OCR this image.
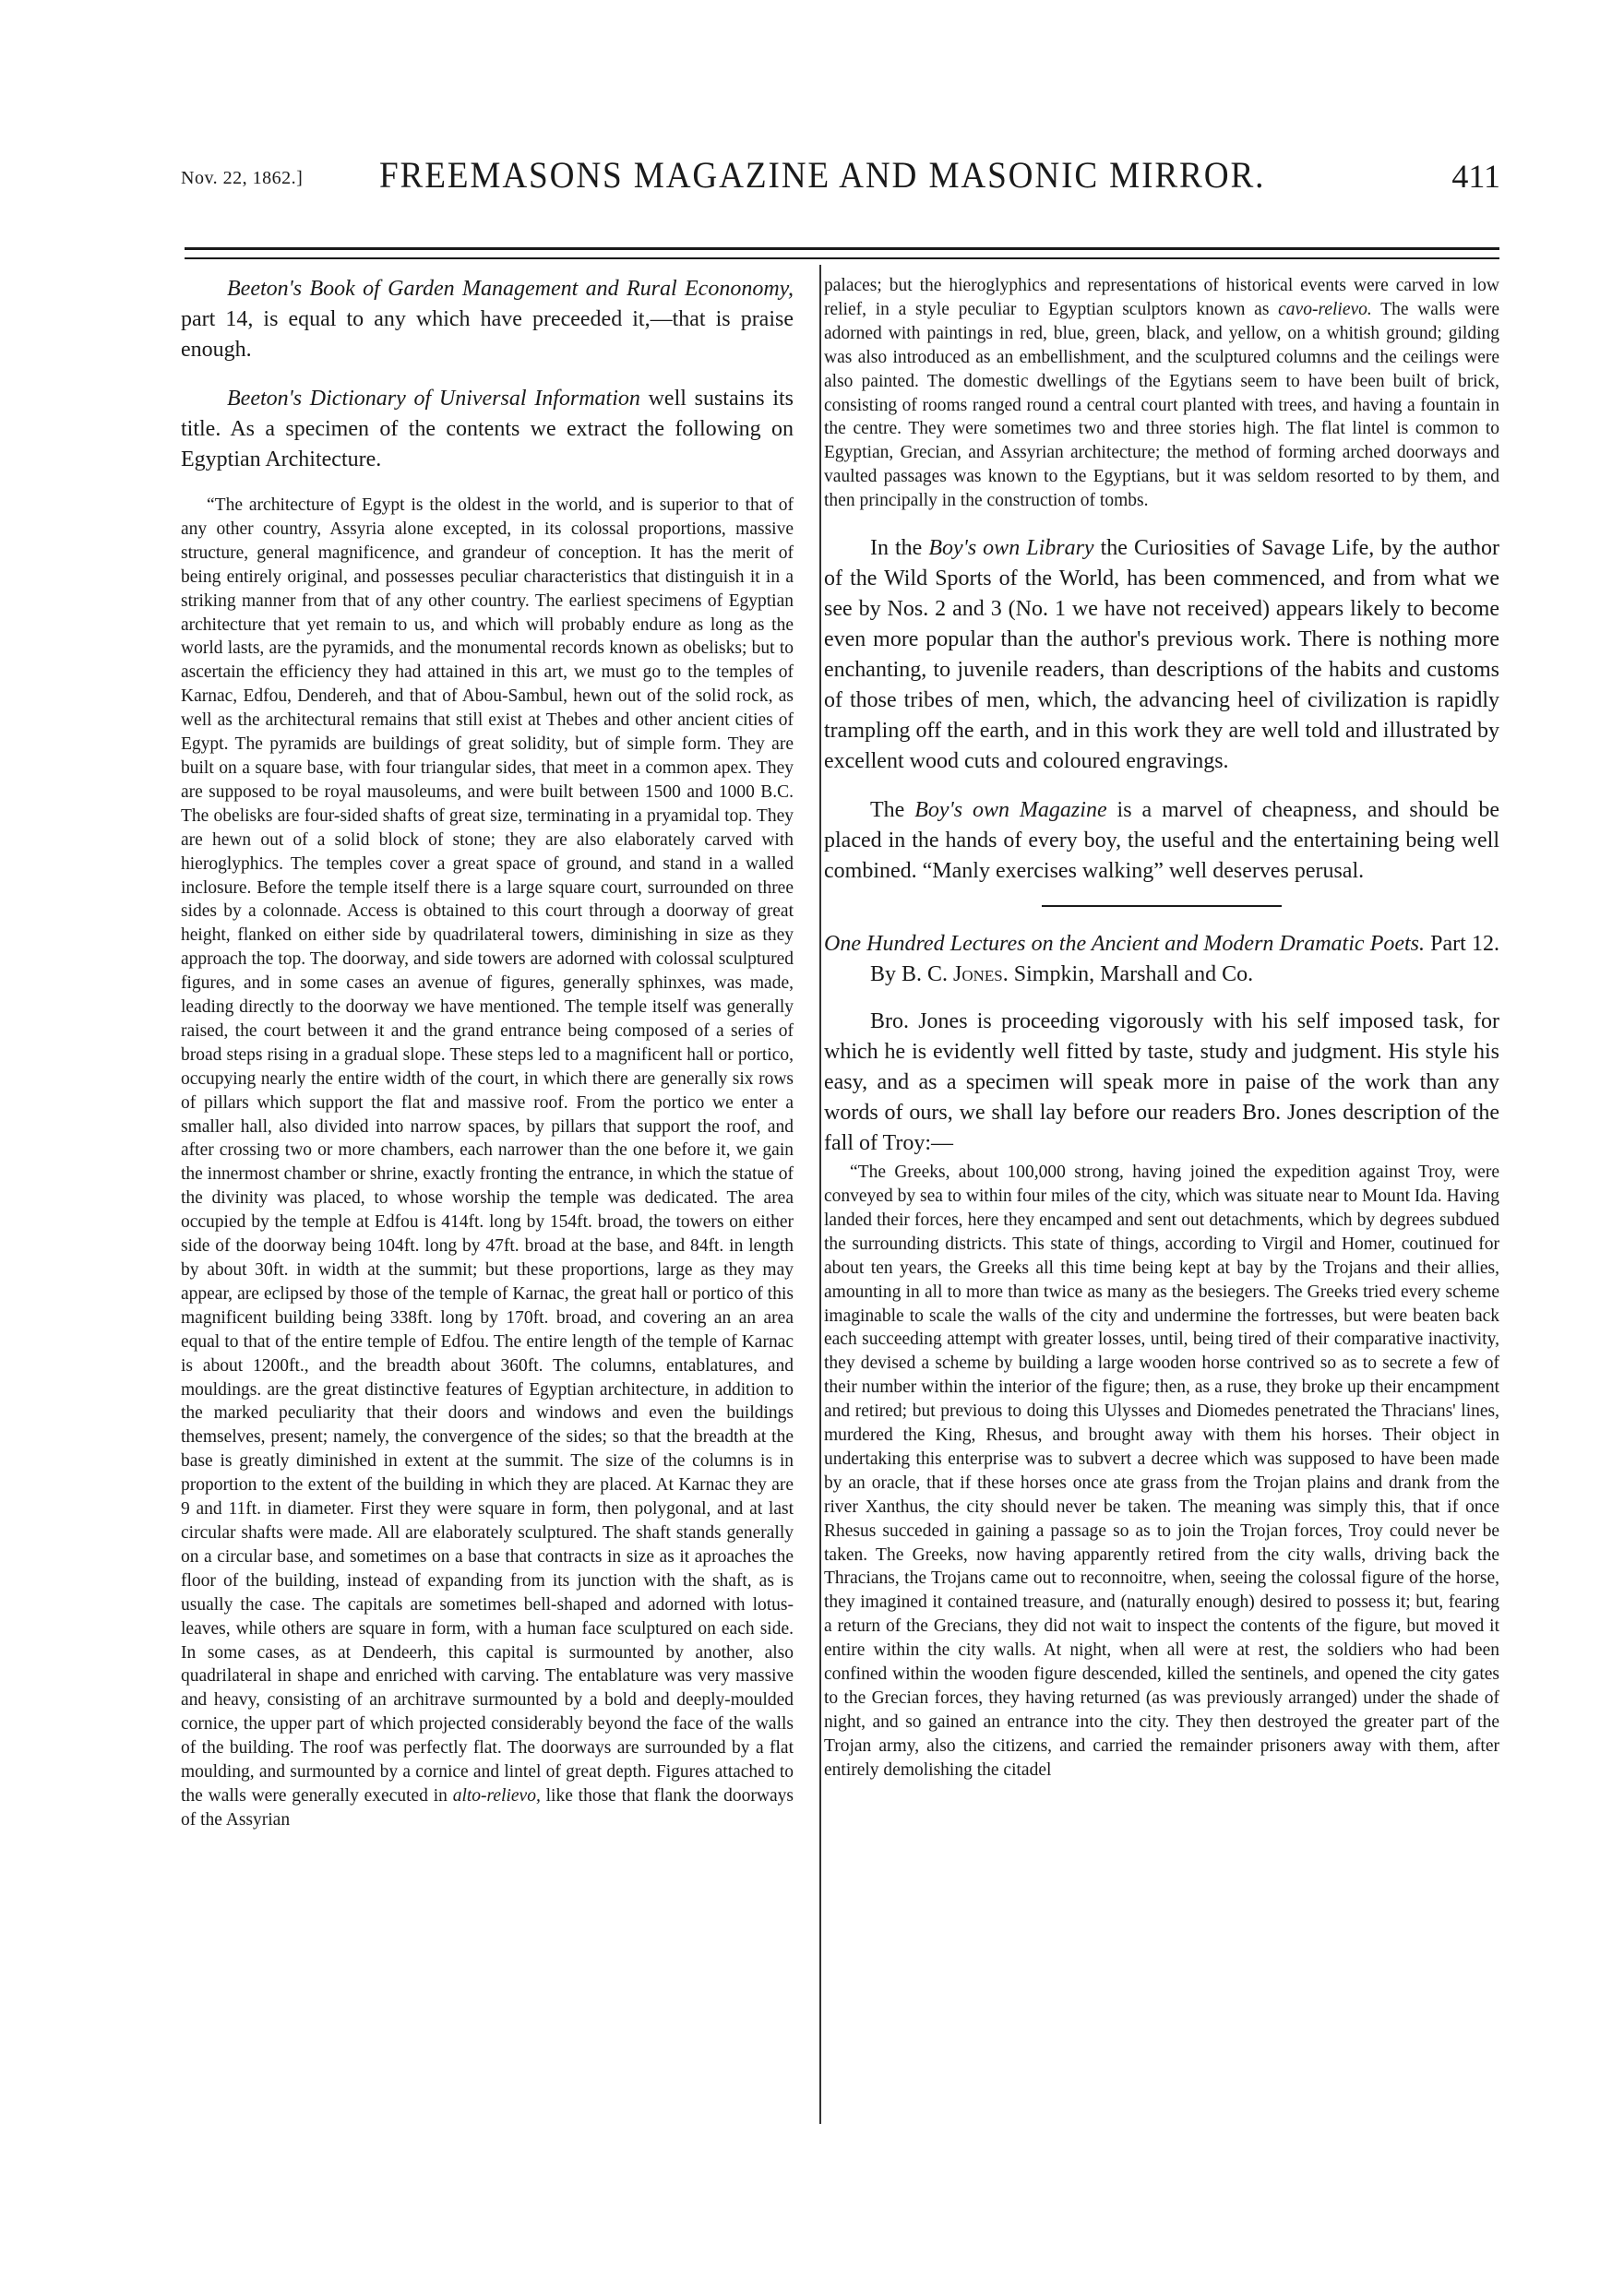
Nov. 22, 1862.] FREEMASONS MAGAZINE AND MASONIC MIRROR.	411

Beeton's Book of Garden Management and Rural Econonomy, part 14, is equal to any which have preceeded it,—that is praise enough.

Beeton's Dictionary of Universal Information well sustains its title. As a specimen of the contents we extract the following on Egyptian Architecture.

“The architecture of Egypt is the oldest in the world, and is superior to that of any other country, Assyria alone excepted, in its colossal proportions, massive structure, general magnificence, and grandeur of conception. It has the merit of being entirely original, and possesses peculiar characteristics that distinguish it in a striking manner from that of any other country. The earliest specimens of Egyptian architecture that yet remain to us, and which will probably endure as long as the world lasts, are the pyramids, and the monumental records known as obelisks; but to ascertain the efficiency they had attained in this art, we must go to the temples of Karnac, Edfou, Dendereh, and that of Abou-Sambul, hewn out of the solid rock, as well as the architectural remains that still exist at Thebes and other ancient cities of Egypt. The pyramids are buildings of great solidity, but of simple form. They are built on a square base, with four triangular sides, that meet in a common apex. They are supposed to be royal mausoleums, and were built between 1500 and 1000 B.C. The obelisks are four-sided shafts of great size, terminating in a pryamidal top. They are hewn out of a solid block of stone; they are also elaborately carved with hieroglyphics. The temples cover a great space of ground, and stand in a walled inclosure. Before the temple itself there is a large square court, surrounded on three sides by a colonnade. Access is obtained to this court through a doorway of great height, flanked on either side by quadrilateral towers, diminishing in size as they approach the top. The doorway, and side towers are adorned with colossal sculptured figures, and in some cases an avenue of figures, generally sphinxes, was made, leading directly to the doorway we have mentioned. The temple itself was generally raised, the court between it and the grand entrance being composed of a series of broad steps rising in a gradual slope. These steps led to a magnificent hall or portico, occupying nearly the entire width of the court, in which there are generally six rows of pillars which support the flat and massive roof. From the portico we enter a smaller hall, also divided into narrow spaces, by pillars that support the roof, and after crossing two or more chambers, each narrower than the one before it, we gain the innermost chamber or shrine, exactly fronting the entrance, in which the statue of the divinity was placed, to whose worship the temple was dedicated. The area occupied by the temple at Edfou is 414ft. long by 154ft. broad, the towers on either side of the doorway being 104ft. long by 47ft. broad at the base, and 84ft. in length by about 30ft. in width at the summit; but these proportions, large as they may appear, are eclipsed by those of the temple of Karnac, the great hall or portico of this magnificent building being 338ft. long by 170ft. broad, and covering an an area equal to that of the entire temple of Edfou. The entire length of the temple of Karnac is about 1200ft., and the breadth about 360ft. The columns, entablatures, and mouldings. are the great distinctive features of Egyptian architecture, in addition to the marked peculiarity that their doors and windows and even the buildings themselves, present; namely, the convergence of the sides; so that the breadth at the base is greatly diminished in extent at the summit. The size of the columns is in proportion to the extent of the building in which they are placed. At Karnac they are 9 and 11ft. in diameter. First they were square in form, then polygonal, and at last circular shafts were made. All are elaborately sculptured. The shaft stands generally on a circular base, and sometimes on a base that contracts in size as it aproaches the floor of the building, instead of expanding from its junction with the shaft, as is usually the case. The capitals are sometimes bell-shaped and adorned with lotus-leaves, while others are square in form, with a human face sculptured on each side. In some cases, as at Dendeerh, this capital is surmounted by another, also quadrilateral in shape and enriched with carving. The entablature was very massive and heavy, consisting of an architrave surmounted by a bold and deeply-moulded cornice, the upper part of which projected considerably beyond the face of the walls of the building. The roof was perfectly flat. The doorways are surrounded by a flat moulding, and surmounted by a cornice and lintel of great depth. Figures attached to the walls were generally executed in alto-relievo, like those that flank the doorways of the Assyrian

palaces; but the hieroglyphics and representations of historical events were carved in low relief, in a style peculiar to Egyptian sculptors known as cavo-relievo. The walls were adorned with paintings in red, blue, green, black, and yellow, on a whitish ground; gilding was also introduced as an embellishment, and the sculptured columns and the ceilings were also painted. The domestic dwellings of the Egytians seem to have been built of brick, consisting of rooms ranged round a central court planted with trees, and having a fountain in the centre. They were sometimes two and three stories high. The flat lintel is common to Egyptian, Grecian, and Assyrian architecture; the method of forming arched doorways and vaulted passages was known to the Egyptians, but it was seldom resorted to by them, and then principally in the construction of tombs.

In the Boy's own Library the Curiosities of Savage Life, by the author of the Wild Sports of the World, has been commenced, and from what we see by Nos. 2 and 3 (No. 1 we have not received) appears likely to become even more popular than the author's previous work. There is nothing more enchanting, to juvenile readers, than descriptions of the habits and customs of those tribes of men, which, the advancing heel of civilization is rapidly trampling off the earth, and in this work they are well told and illustrated by excellent wood cuts and coloured engravings.

The Boy's own Magazine is a marvel of cheapness, and should be placed in the hands of every boy, the useful and the entertaining being well combined. “Manly exercises walking” well deserves perusal.

One Hundred Lectures on the Ancient and Modern Dramatic Poets. Part 12. By B. C. Jones. Simpkin, Marshall and Co.

Bro. Jones is proceeding vigorously with his self imposed task, for which he is evidently well fitted by taste, study and judgment. His style his easy, and as a specimen will speak more in paise of the work than any words of ours, we shall lay before our readers Bro. Jones description of the fall of Troy:—

“The Greeks, about 100,000 strong, having joined the expedition against Troy, were conveyed by sea to within four miles of the city, which was situate near to Mount Ida. Having landed their forces, here they encamped and sent out detachments, which by degrees subdued the surrounding districts. This state of things, according to Virgil and Homer, coutinued for about ten years, the Greeks all this time being kept at bay by the Trojans and their allies, amounting in all to more than twice as many as the besiegers. The Greeks tried every scheme imaginable to scale the walls of the city and undermine the fortresses, but were beaten back each succeeding attempt with greater losses, until, being tired of their comparative inactivity, they devised a scheme by building a large wooden horse contrived so as to secrete a few of their number within the interior of the figure; then, as a ruse, they broke up their encampment and retired; but previous to doing this Ulysses and Diomedes penetrated the Thracians' lines, murdered the King, Rhesus, and brought away with them his horses. Their object in undertaking this enterprise was to subvert a decree which was supposed to have been made by an oracle, that if these horses once ate grass from the Trojan plains and drank from the river Xanthus, the city should never be taken. The meaning was simply this, that if once Rhesus succeded in gaining a passage so as to join the Trojan forces, Troy could never be taken. The Greeks, now having apparently retired from the city walls, driving back the Thracians, the Trojans came out to reconnoitre, when, seeing the colossal figure of the horse, they imagined it contained treasure, and (naturally enough) desired to possess it; but, fearing a return of the Grecians, they did not wait to inspect the contents of the figure, but moved it entire within the city walls. At night, when all were at rest, the soldiers who had been confined within the wooden figure descended, killed the sentinels, and opened the city gates to the Grecian forces, they having returned (as was previously arranged) under the shade of night, and so gained an entrance into the city. They then destroyed the greater part of the Trojan army, also the citizens, and carried the remainder prisoners away with them, after entirely demolishing the citadel
